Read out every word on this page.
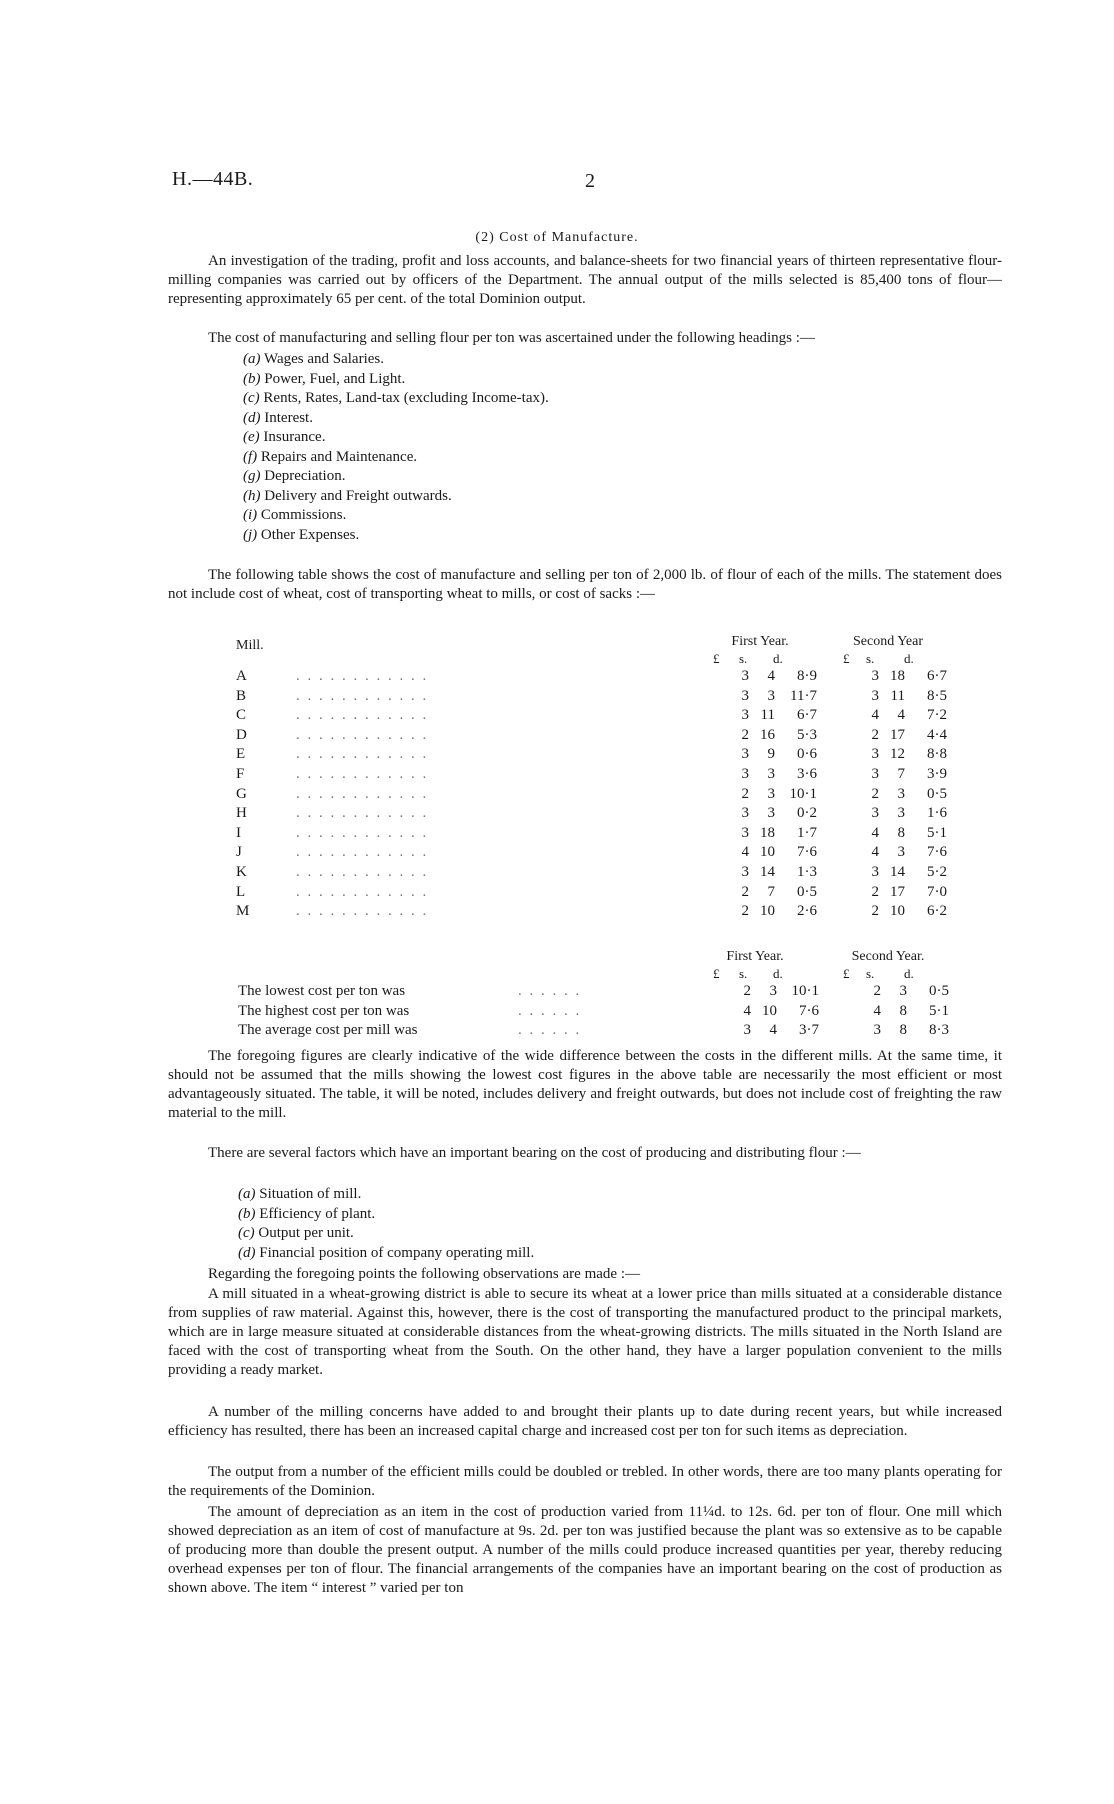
H.—44B.	2
(2) Cost of Manufacture.
An investigation of the trading, profit and loss accounts, and balance-sheets for two financial years of thirteen representative flour-milling companies was carried out by officers of the Department. The annual output of the mills selected is 85,400 tons of flour—representing approximately 65 per cent. of the total Dominion output.
The cost of manufacturing and selling flour per ton was ascertained under the following headings :—
(a) Wages and Salaries.
(b) Power, Fuel, and Light.
(c) Rents, Rates, Land-tax (excluding Income-tax).
(d) Interest.
(e) Insurance.
(f) Repairs and Maintenance.
(g) Depreciation.
(h) Delivery and Freight outwards.
(i) Commissions.
(j) Other Expenses.
The following table shows the cost of manufacture and selling per ton of 2,000 lb. of flour of each of the mills. The statement does not include cost of wheat, cost of transporting wheat to mills, or cost of sacks :—
Mill.	First Year.	Second Year
£ s. d.	£ s. d.
A	. . . . . . . . . . . .	3 4 8·9	3 18 6·7
B	. . . . . . . . . . . .	3 3 11·7	3 11 8·5
C	. . . . . . . . . . . .	3 11 6·7	4 4 7·2
D	. . . . . . . . . . . .	2 16 5·3	2 17 4·4
E	. . . . . . . . . . . .	3 9 0·6	3 12 8·8
F	. . . . . . . . . . . .	3 3 3·6	3 7 3·9
G	. . . . . . . . . . . .	2 3 10·1	2 3 0·5
H	. . . . . . . . . . . .	3 3 0·2	3 3 1·6
I	. . . . . . . . . . . .	3 18 1·7	4 8 5·1
J	. . . . . . . . . . . .	4 10 7·6	4 3 7·6
K	. . . . . . . . . . . .	3 14 1·3	3 14 5·2
L	. . . . . . . . . . . .	2 7 0·5	2 17 7·0
M	. . . . . . . . . . . .	2 10 2·6	2 10 6·2
First Year.	Second Year.
£ s. d.	£ s. d.
The lowest cost per ton was	. . . . . .	2 3 10·1	2 3 0·5
The highest cost per ton was	. . . . . .	4 10 7·6	4 8 5·1
The average cost per mill was	. . . . . .	3 4 3·7	3 8 8·3
The foregoing figures are clearly indicative of the wide difference between the costs in the different mills. At the same time, it should not be assumed that the mills showing the lowest cost figures in the above table are necessarily the most efficient or most advantageously situated. The table, it will be noted, includes delivery and freight outwards, but does not include cost of freighting the raw material to the mill.
There are several factors which have an important bearing on the cost of producing and distributing flour :—
(a) Situation of mill.
(b) Efficiency of plant.
(c) Output per unit.
(d) Financial position of company operating mill.
Regarding the foregoing points the following observations are made :—
A mill situated in a wheat-growing district is able to secure its wheat at a lower price than mills situated at a considerable distance from supplies of raw material. Against this, however, there is the cost of transporting the manufactured product to the principal markets, which are in large measure situated at considerable distances from the wheat-growing districts. The mills situated in the North Island are faced with the cost of transporting wheat from the South. On the other hand, they have a larger population convenient to the mills providing a ready market.
A number of the milling concerns have added to and brought their plants up to date during recent years, but while increased efficiency has resulted, there has been an increased capital charge and increased cost per ton for such items as depreciation.
The output from a number of the efficient mills could be doubled or trebled. In other words, there are too many plants operating for the requirements of the Dominion.
The amount of depreciation as an item in the cost of production varied from 11¼d. to 12s. 6d. per ton of flour. One mill which showed depreciation as an item of cost of manufacture at 9s. 2d. per ton was justified because the plant was so extensive as to be capable of producing more than double the present output. A number of the mills could produce increased quantities per year, thereby reducing overhead expenses per ton of flour. The financial arrangements of the companies have an important bearing on the cost of production as shown above. The item “ interest ” varied per ton
